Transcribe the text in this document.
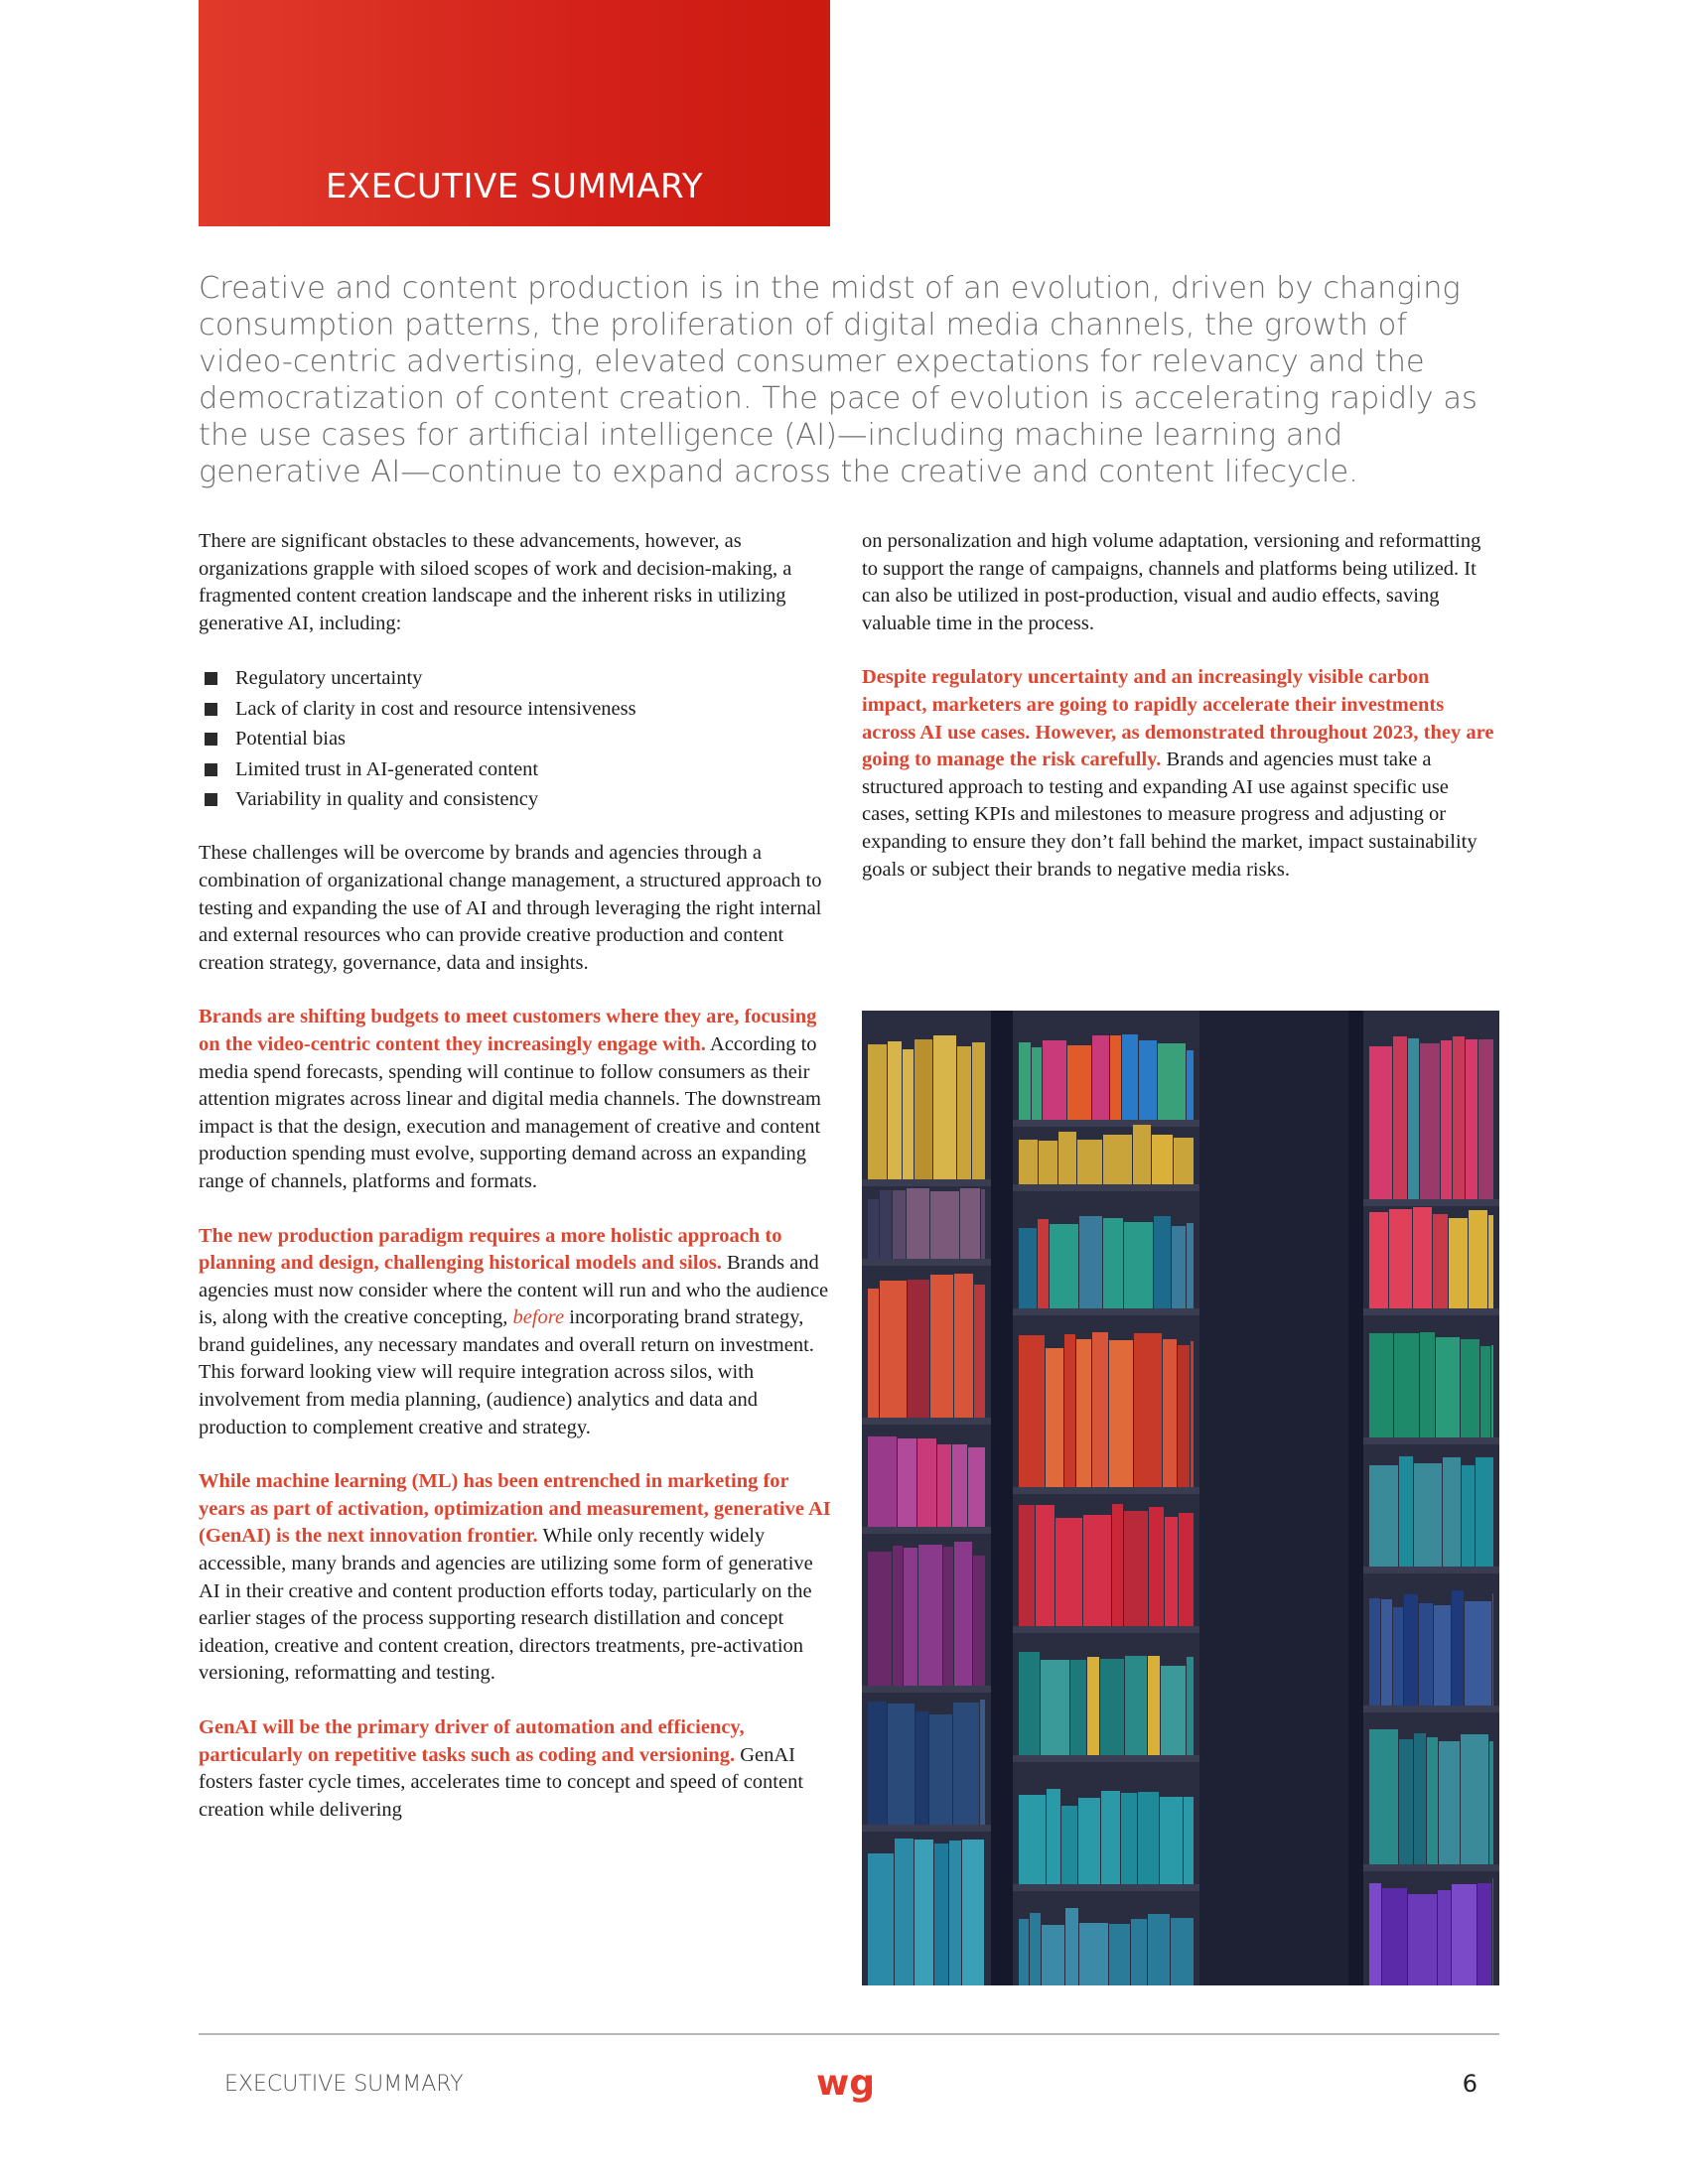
EXECUTIVE SUMMARY

Creative and content production is in the midst of an evolution, driven by changing consumption patterns, the proliferation of digital media channels, the growth of video-centric advertising, elevated consumer expectations for relevancy and the democratization of content creation. The pace of evolution is accelerating rapidly as the use cases for artificial intelligence (AI)—including machine learning and generative AI—continue to expand across the creative and content lifecycle.

There are significant obstacles to these advancements, however, as organizations grapple with siloed scopes of work and decision-making, a fragmented content creation landscape and the inherent risks in utilizing generative AI, including:

Regulatory uncertainty
Lack of clarity in cost and resource intensiveness
Potential bias
Limited trust in AI-generated content
Variability in quality and consistency

These challenges will be overcome by brands and agencies through a combination of organizational change management, a structured approach to testing and expanding the use of AI and through leveraging the right internal and external resources who can provide creative production and content creation strategy, governance, data and insights.

Brands are shifting budgets to meet customers where they are, focusing on the video-centric content they increasingly engage with. According to media spend forecasts, spending will continue to follow consumers as their attention migrates across linear and digital media channels. The downstream impact is that the design, execution and management of creative and content production spending must evolve, supporting demand across an expanding range of channels, platforms and formats.

The new production paradigm requires a more holistic approach to planning and design, challenging historical models and silos. Brands and agencies must now consider where the content will run and who the audience is, along with the creative concepting, before incorporating brand strategy, brand guidelines, any necessary mandates and overall return on investment. This forward looking view will require integration across silos, with involvement from media planning, (audience) analytics and data and production to complement creative and strategy.

While machine learning (ML) has been entrenched in marketing for years as part of activation, optimization and measurement, generative AI (GenAI) is the next innovation frontier. While only recently widely accessible, many brands and agencies are utilizing some form of generative AI in their creative and content production efforts today, particularly on the earlier stages of the process supporting research distillation and concept ideation, creative and content creation, directors treatments, pre-activation versioning, reformatting and testing.

GenAI will be the primary driver of automation and efficiency, particularly on repetitive tasks such as coding and versioning. GenAI fosters faster cycle times, accelerates time to concept and speed of content creation while delivering

on personalization and high volume adaptation, versioning and reformatting to support the range of campaigns, channels and platforms being utilized. It can also be utilized in post-production, visual and audio effects, saving valuable time in the process.

Despite regulatory uncertainty and an increasingly visible carbon impact, marketers are going to rapidly accelerate their investments across AI use cases. However, as demonstrated throughout 2023, they are going to manage the risk carefully. Brands and agencies must take a structured approach to testing and expanding AI use against specific use cases, setting KPIs and milestones to measure progress and adjusting or expanding to ensure they don’t fall behind the market, impact sustainability goals or subject their brands to negative media risks.

EXECUTIVE SUMMARY	wg	6
